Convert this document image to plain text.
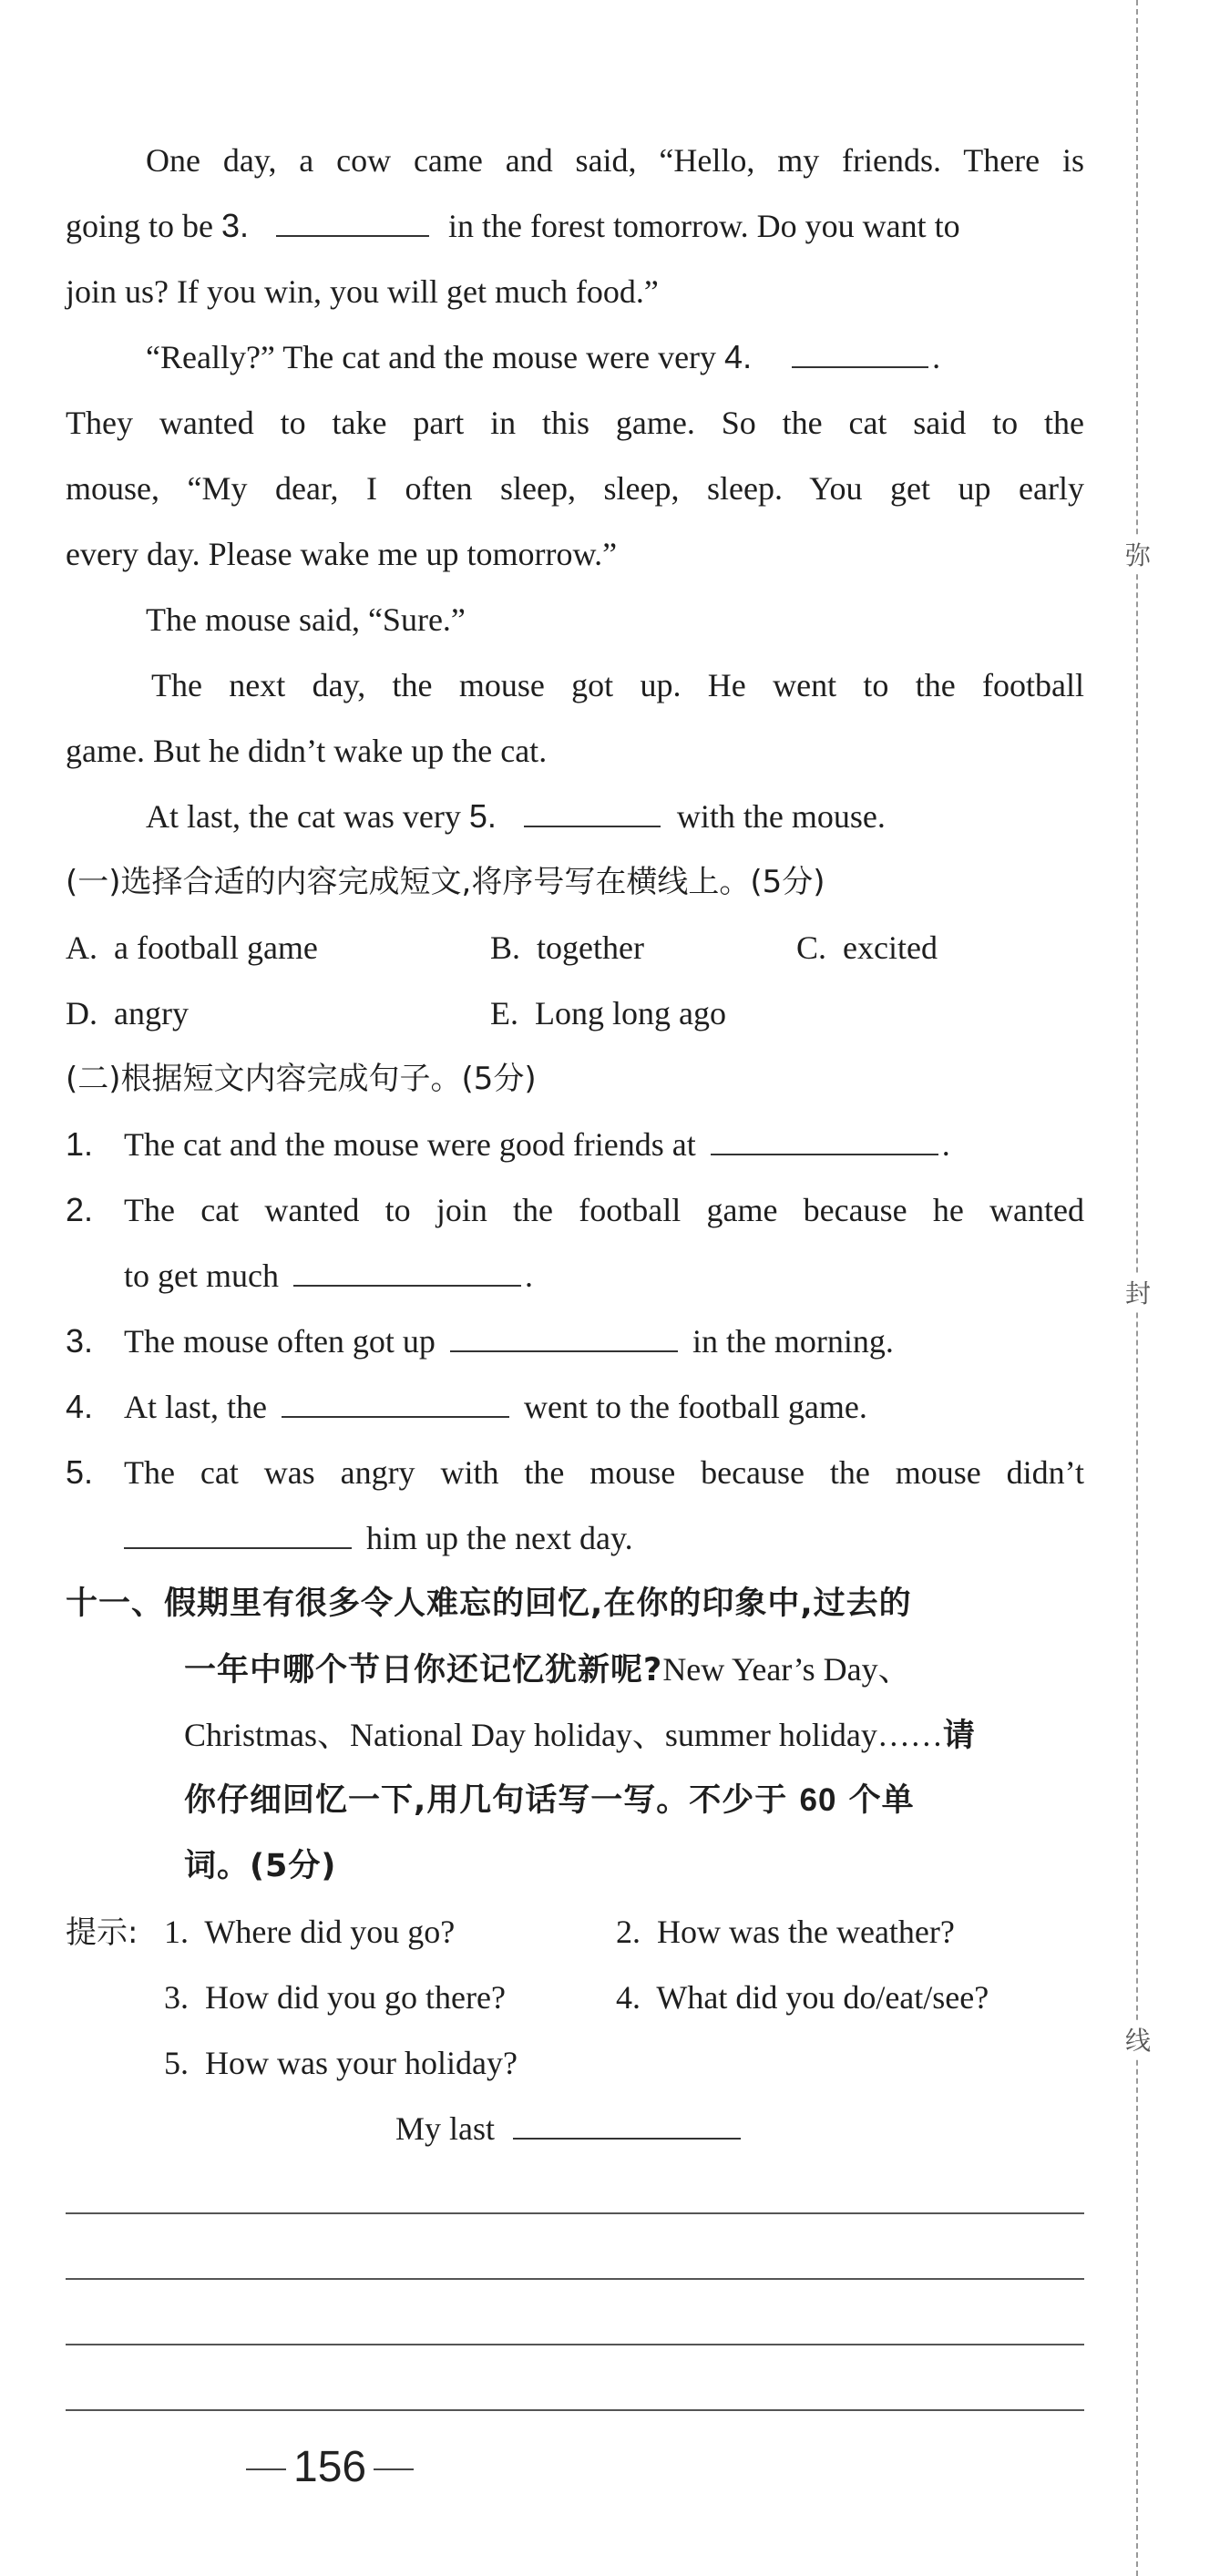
One day, a cow came and said, “Hello, my friends. There is
going to be 3.	in the forest tomorrow. Do you want to
join us? If you win, you will get much food.”
“Really?” The cat and the mouse were very 4.	.
They wanted to take part in this game. So the cat said to the
mouse, “My dear, I often sleep, sleep, sleep. You get up early
every day. Please wake me up tomorrow.”
The mouse said, “Sure.”
The next day, the mouse got up. He went to the football
game. But he didn’t wake up the cat.
At last, the cat was very 5.	with the mouse.
(一)选择合适的内容完成短文,将序号写在横线上。(5分)
A. a football game	B. together	C. excited
D. angry	E. Long long ago
(二)根据短文内容完成句子。(5分)
1. The cat and the mouse were good friends at	.
2. The cat wanted to join the football game because he wanted
to get much	.
3. The mouse often got up	in the morning.
4. At last, the	went to the football game.
5. The cat was angry with the mouse because the mouse didn’t
him up the next day.
十一、假期里有很多令人难忘的回忆,在你的印象中,过去的
一年中哪个节日你还记忆犹新呢?New Year’s Day、
Christmas、National Day holiday、summer holiday……请
你仔细回忆一下,用几句话写一写。不少于 60 个单
词。(5分)
提示: 1. Where did you go?	2. How was the weather?
3. How did you go there?	4. What did you do/eat/see?
5. How was your holiday?
My last
156
弥
封
线
